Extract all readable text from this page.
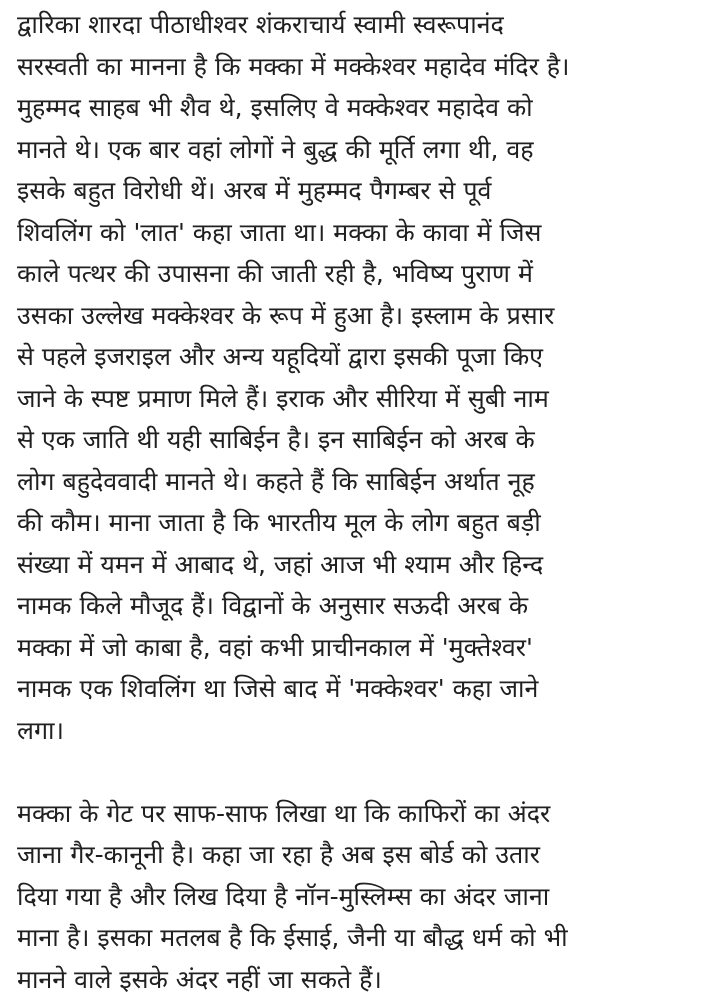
द्वारिका शारदा पीठाधीश्वर शंकराचार्य स्वामी स्वरूपानंद
सरस्वती का मानना है कि मक्का में मक्केश्वर महादेव मंदिर है।
मुहम्मद साहब भी शैव थे, इसलिए वे मक्केश्वर महादेव को
मानते थे। एक बार वहां लोगों ने बुद्ध की मूर्ति लगा थी, वह
इसके बहुत विरोधी थें। अरब में मुहम्मद पैगम्बर से पूर्व
शिवलिंग को 'लात' कहा जाता था। मक्का के कावा में जिस
काले पत्थर की उपासना की जाती रही है, भविष्य पुराण में
उसका उल्लेख मक्केश्वर के रूप में हुआ है। इस्लाम के प्रसार
से पहले इजराइल और अन्य यहूदियों द्वारा इसकी पूजा किए
जाने के स्पष्ट प्रमाण मिले हैं। इराक और सीरिया में सुबी नाम
से एक जाति थी यही साबिईन है। इन साबिईन को अरब के
लोग बहुदेववादी मानते थे। कहते हैं कि साबिईन अर्थात नूह
की कौम। माना जाता है कि भारतीय मूल के लोग बहुत बड़ी
संख्या में यमन में आबाद थे, जहां आज भी श्याम और हिन्द
नामक किले मौजूद हैं। विद्वानों के अनुसार सऊदी अरब के
मक्का में जो काबा है, वहां कभी प्राचीनकाल में 'मुक्तेश्वर'
नामक एक शिवलिंग था जिसे बाद में 'मक्केश्वर' कहा जाने
लगा।
मक्का के गेट पर साफ-साफ लिखा था कि काफिरों का अंदर
जाना गैर-कानूनी है। कहा जा रहा है अब इस बोर्ड को उतार
दिया गया है और लिख दिया है नॉन-मुस्लिम्स का अंदर जाना
माना है। इसका मतलब है कि ईसाई, जैनी या बौद्ध धर्म को भी
मानने वाले इसके अंदर नहीं जा सकते हैं।
